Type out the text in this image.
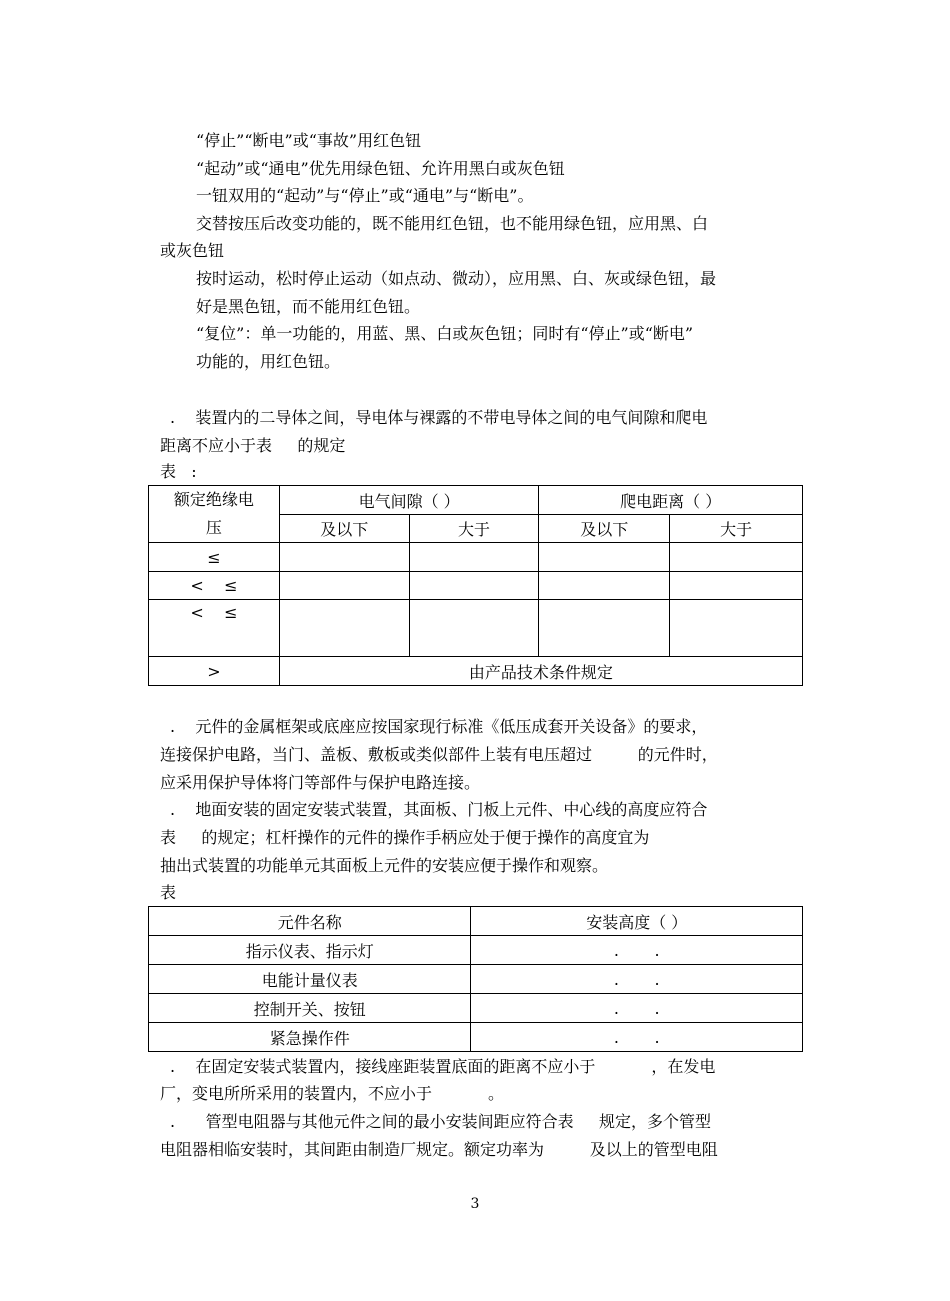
“停止”“断电”或“事故”用红色钮
“起动”或“通电”优先用绿色钮、允许用黑白或灰色钮
一钮双用的“起动”与“停止”或“通电”与“断电”。
交替按压后改变功能的，既不能用红色钮，也不能用绿色钮，应用黑、白
或灰色钮
按时运动，松时停止运动（如点动、微动），应用黑、白、灰或绿色钮，最
好是黑色钮，而不能用红色钮。
“复位”：单一功能的，用蓝、黑、白或灰色钮；同时有“停止”或“断电”
功能的，用红色钮。
.    装置内的二导体之间，导电体与裸露的不带电导体之间的电气间隙和爬电
距离不应小于表     的规定
表   :
额定绝缘电
压	电气间隙（ ）		爬电距离（ ）	
	及以下	大于	及以下	大于
≤				
<    ≤				
<    ≤				
>	由产品技术条件规定			
.    元件的金属框架或底座应按国家现行标准《低压成套开关设备》的要求，
连接保护电路，当门、盖板、敷板或类似部件上装有电压超过         的元件时，
应采用保护导体将门等部件与保护电路连接。
.    地面安装的固定安装式装置，其面板、门板上元件、中心线的高度应符合
表     的规定；杠杆操作的元件的操作手柄应处于便于操作的高度宜为
抽出式装置的功能单元其面板上元件的安装应便于操作和观察。
表
元件名称	安装高度（ ）
指示仪表、指示灯	.       .
电能计量仪表	.       .
控制开关、按钮	.       .
紧急操作件	.       .
.    在固定安装式装置内，接线座距装置底面的距离不应小于           ，在发电
厂，变电所所采用的装置内，不应小于           。
.      管型电阻器与其他元件之间的最小安装间距应符合表     规定，多个管型
电阻器相临安装时，其间距由制造厂规定。额定功率为         及以上的管型电阻
3
